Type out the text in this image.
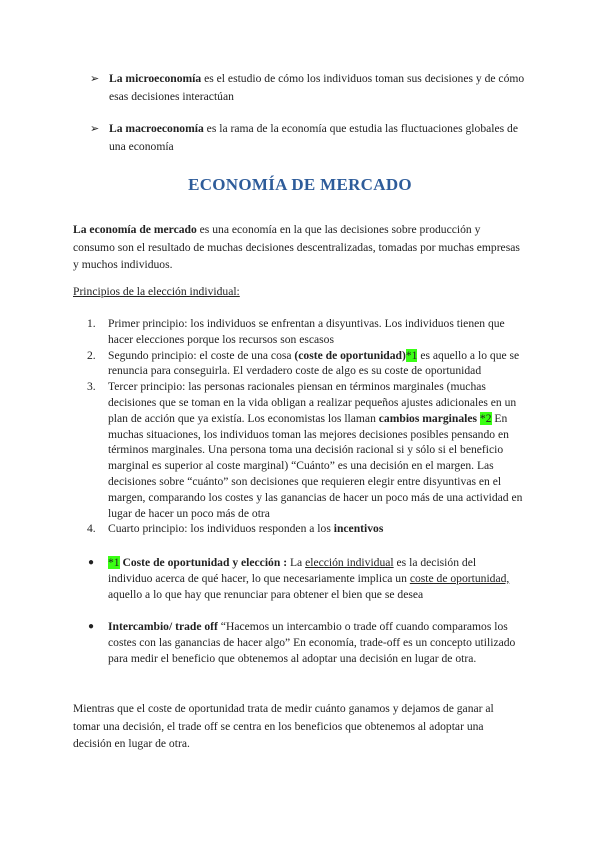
➢ La microeconomía es el estudio de cómo los individuos toman sus decisiones y de cómo esas decisiones interactúan
➢ La macroeconomía es la rama de la economía que estudia las fluctuaciones globales de una economía
ECONOMÍA DE MERCADO

La economía de mercado es una economía en la que las decisiones sobre producción y consumo son el resultado de muchas decisiones descentralizadas, tomadas por muchas empresas y muchos individuos.

Principios de la elección individual:

1. Primer principio: los individuos se enfrentan a disyuntivas. Los individuos tienen que hacer elecciones porque los recursos son escasos
2. Segundo principio: el coste de una cosa (coste de oportunidad)*1 es aquello a lo que se renuncia para conseguirla. El verdadero coste de algo es su coste de oportunidad
3. Tercer principio: las personas racionales piensan en términos marginales (muchas decisiones que se toman en la vida obligan a realizar pequeños ajustes adicionales en un plan de acción que ya existía. Los economistas los llaman cambios marginales *2 En muchas situaciones, los individuos toman las mejores decisiones posibles pensando en términos marginales. Una persona toma una decisión racional si y sólo si el beneficio marginal es superior al coste marginal) “Cuánto” es una decisión en el margen. Las decisiones sobre “cuánto” son decisiones que requieren elegir entre disyuntivas en el margen, comparando los costes y las ganancias de hacer un poco más de una actividad en lugar de hacer un poco más de otra
4. Cuarto principio: los individuos responden a los incentivos
● *1 Coste de oportunidad y elección : La elección individual es la decisión del individuo acerca de qué hacer, lo que necesariamente implica un coste de oportunidad, aquello a lo que hay que renunciar para obtener el bien que se desea
● Intercambio/ trade off “Hacemos un intercambio o trade off cuando comparamos los costes con las ganancias de hacer algo” En economía, trade-off es un concepto utilizado para medir el beneficio que obtenemos al adoptar una decisión en lugar de otra.

Mientras que el coste de oportunidad trata de medir cuánto ganamos y dejamos de ganar al tomar una decisión, el trade off se centra en los beneficios que obtenemos al adoptar una decisión en lugar de otra.
